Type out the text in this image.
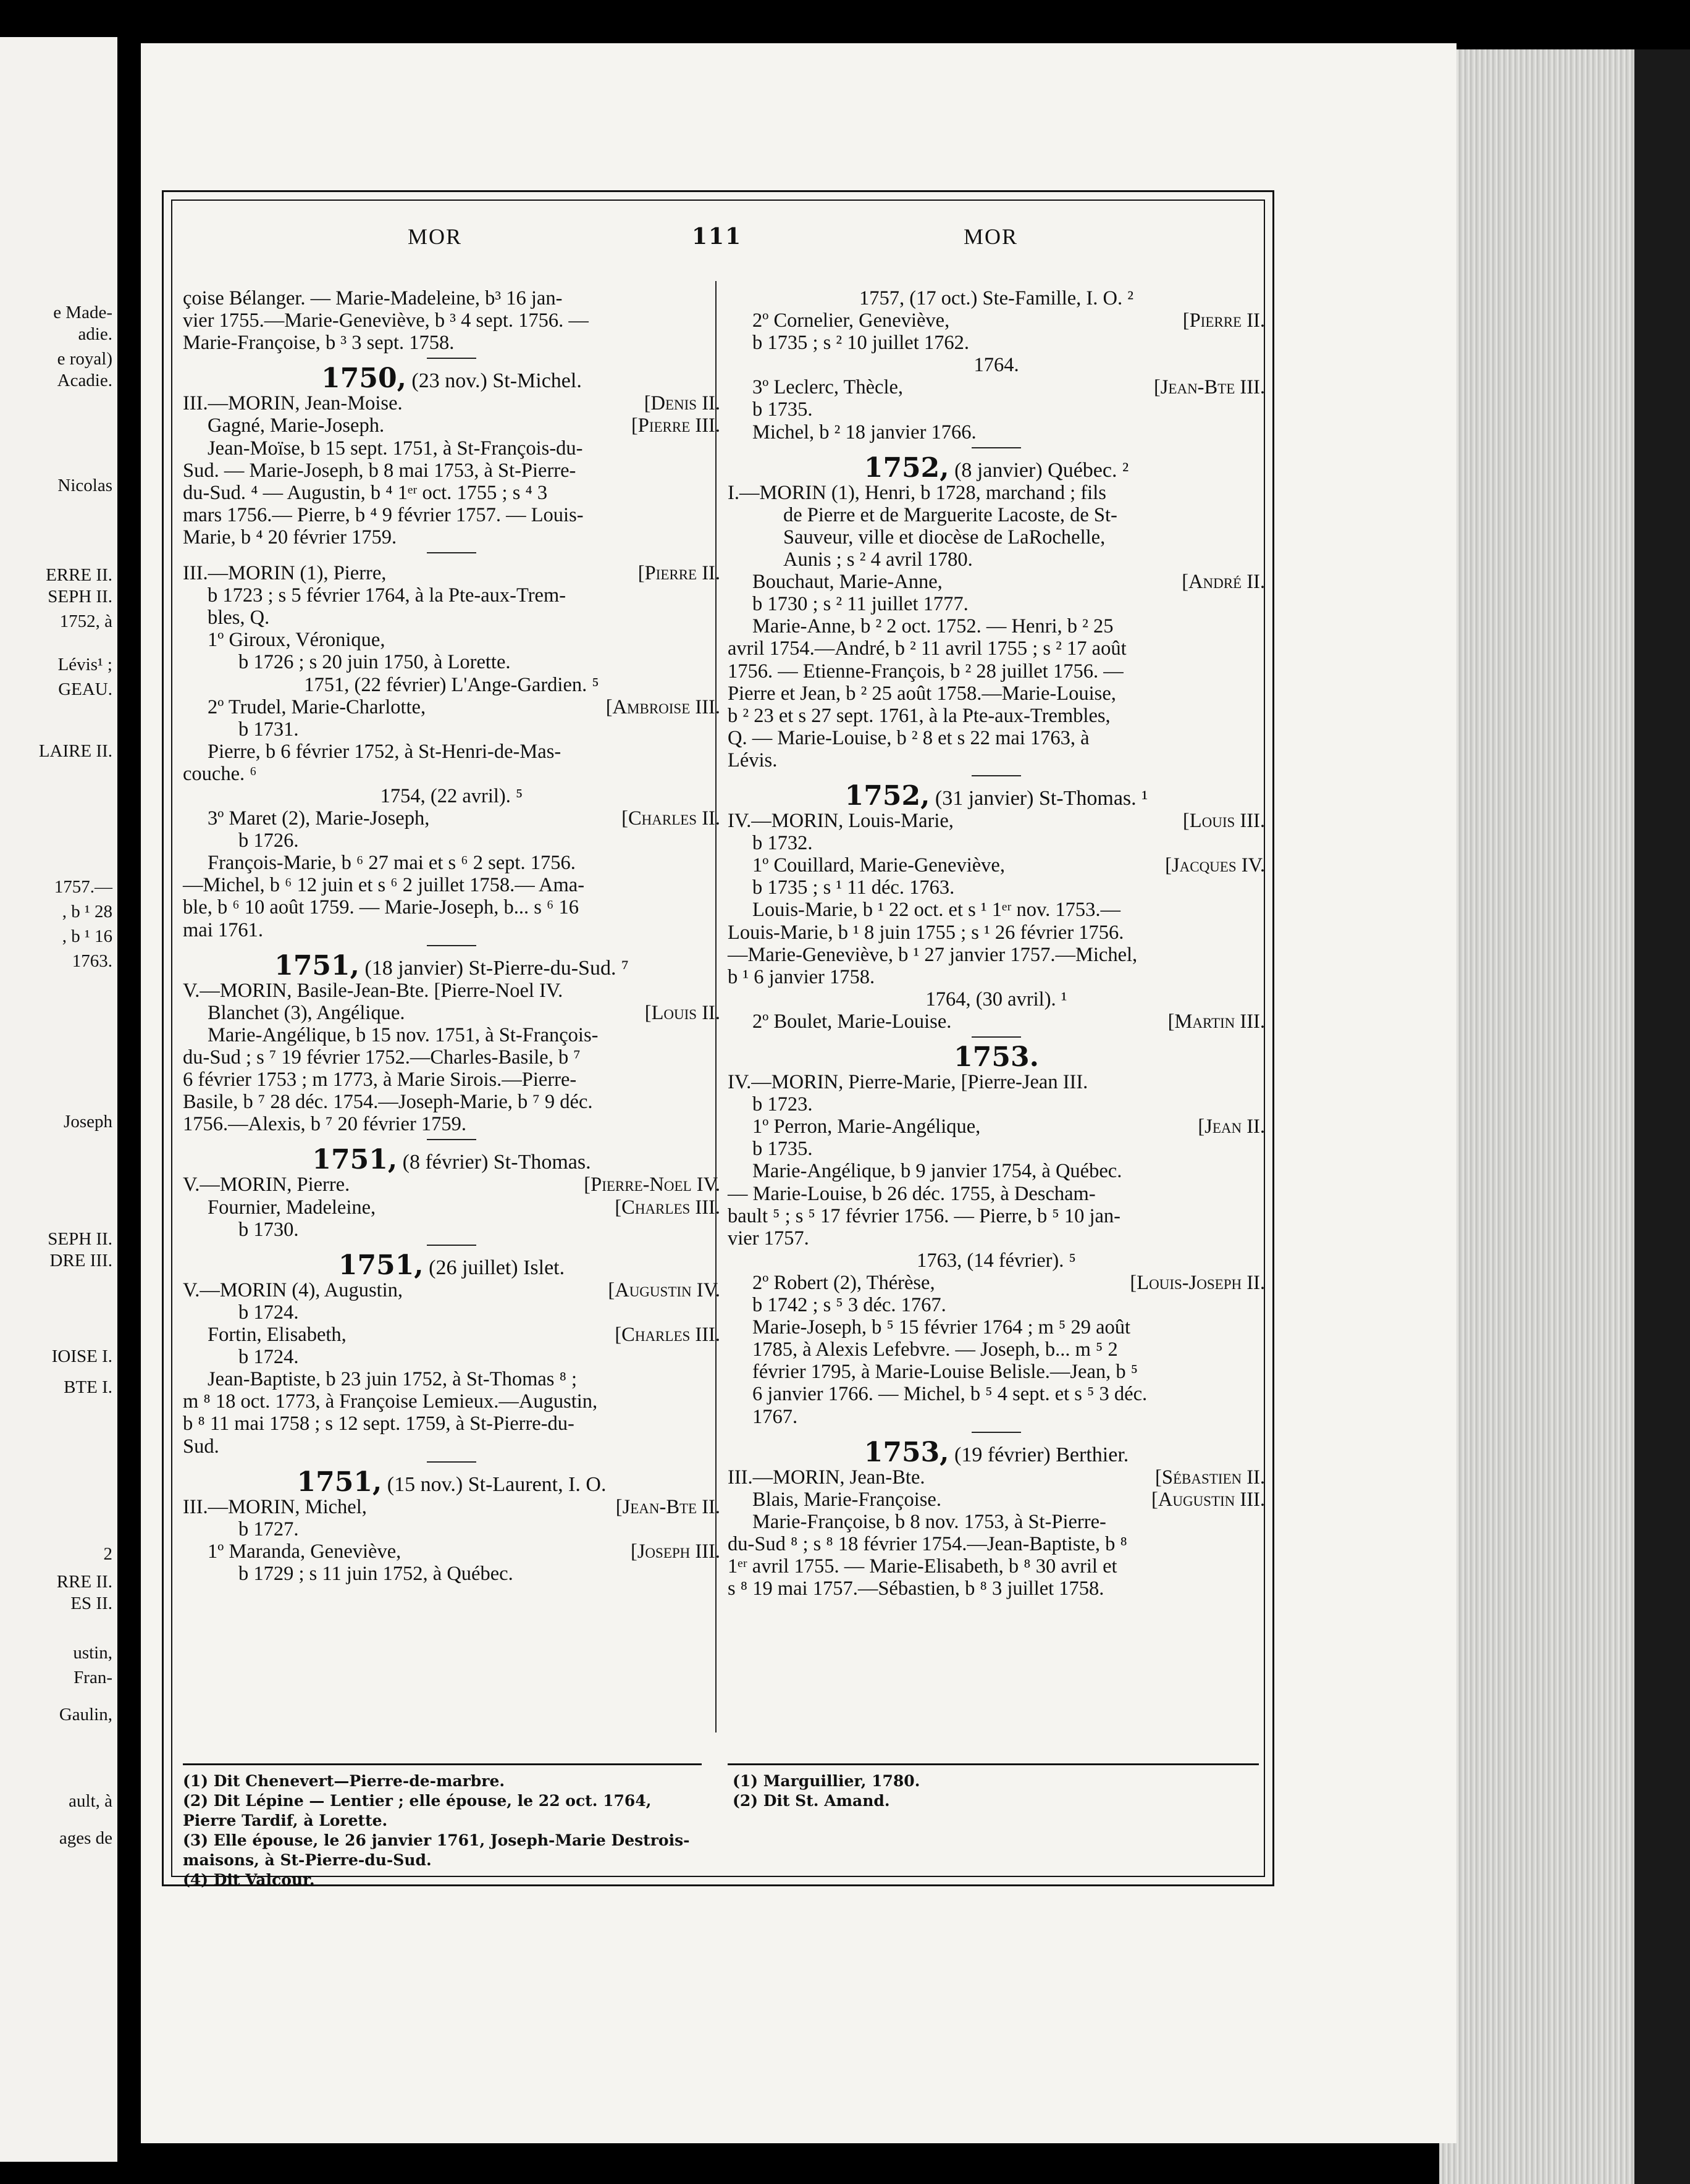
e Made-
adie.
e royal)
Acadie.
Nicolas
ERRE II.
SEPH II.
1752, à
Lévis¹ ;
GEAU.
LAIRE II.
1757.—
, b ¹ 28
, b ¹ 16
1763.
Joseph
SEPH II.
DRE III.
IOISE I.
BTE I.
2
RRE II.
ES II.
ustin,
Fran-
Gaulin,
ault, à
ages de
MOR	111	MOR

çoise Bélanger. — Marie-Madeleine, b³ 16 jan-

vier 1755.—Marie-Geneviève, b ³ 4 sept. 1756. —

Marie-Françoise, b ³ 3 sept. 1758.

1750, (23 nov.) St-Michel.

[Denis II.
III.—MORIN, Jean-Moise.

[Pierre III.
Gagné, Marie-Joseph.

Jean-Moïse, b 15 sept. 1751, à St-François-du-

Sud. — Marie-Joseph, b 8 mai 1753, à St-Pierre-

du-Sud. ⁴ — Augustin, b ⁴ 1ᵉʳ oct. 1755 ; s ⁴ 3

mars 1756.— Pierre, b ⁴ 9 février 1757. — Louis-

Marie, b ⁴ 20 février 1759.

[Pierre II.
III.—MORIN (1), Pierre,

b 1723 ; s 5 février 1764, à la Pte-aux-Trem-

bles, Q.

1º Giroux, Véronique,

b 1726 ; s 20 juin 1750, à Lorette.

1751, (22 février) L'Ange-Gardien. ⁵

[Ambroise III.
2º Trudel, Marie-Charlotte,

b 1731.

Pierre, b 6 février 1752, à St-Henri-de-Mas-

couche. ⁶

1754, (22 avril). ⁵

[Charles II.
3º Maret (2), Marie-Joseph,

b 1726.

François-Marie, b ⁶ 27 mai et s ⁶ 2 sept. 1756.

—Michel, b ⁶ 12 juin et s ⁶ 2 juillet 1758.— Ama-

ble, b ⁶ 10 août 1759. — Marie-Joseph, b... s ⁶ 16

mai 1761.

1751, (18 janvier) St-Pierre-du-Sud. ⁷

V.—MORIN, Basile-Jean-Bte. [Pierre-Noel IV.

[Louis II.
Blanchet (3), Angélique.

Marie-Angélique, b 15 nov. 1751, à St-François-

du-Sud ; s ⁷ 19 février 1752.—Charles-Basile, b ⁷

6 février 1753 ; m 1773, à Marie Sirois.—Pierre-

Basile, b ⁷ 28 déc. 1754.—Joseph-Marie, b ⁷ 9 déc.

1756.—Alexis, b ⁷ 20 février 1759.

1751, (8 février) St-Thomas.

[Pierre-Noel IV.
V.—MORIN, Pierre.

[Charles III.
Fournier, Madeleine,

b 1730.

1751, (26 juillet) Islet.

[Augustin IV.
V.—MORIN (4), Augustin,

b 1724.

[Charles III.
Fortin, Elisabeth,

b 1724.

Jean-Baptiste, b 23 juin 1752, à St-Thomas ⁸ ;

m ⁸ 18 oct. 1773, à Françoise Lemieux.—Augustin,

b ⁸ 11 mai 1758 ; s 12 sept. 1759, à St-Pierre-du-

Sud.

1751, (15 nov.) St-Laurent, I. O.

[Jean-Bte II.
III.—MORIN, Michel,

b 1727.

[Joseph III.
1º Maranda, Geneviève,

b 1729 ; s 11 juin 1752, à Québec.

1757, (17 oct.) Ste-Famille, I. O. ²

[Pierre II.
2º Cornelier, Geneviève,

b 1735 ; s ² 10 juillet 1762.

1764.

[Jean-Bte III.
3º Leclerc, Thècle,

b 1735.

Michel, b ² 18 janvier 1766.

1752, (8 janvier) Québec. ²

I.—MORIN (1), Henri, b 1728, marchand ; fils

de Pierre et de Marguerite Lacoste, de St-

Sauveur, ville et diocèse de LaRochelle,

Aunis ; s ² 4 avril 1780.

[André II.
Bouchaut, Marie-Anne,

b 1730 ; s ² 11 juillet 1777.

Marie-Anne, b ² 2 oct. 1752. — Henri, b ² 25

avril 1754.—André, b ² 11 avril 1755 ; s ² 17 août

1756. — Etienne-François, b ² 28 juillet 1756. —

Pierre et Jean, b ² 25 août 1758.—Marie-Louise,

b ² 23 et s 27 sept. 1761, à la Pte-aux-Trembles,

Q. — Marie-Louise, b ² 8 et s 22 mai 1763, à

Lévis.

1752, (31 janvier) St-Thomas. ¹

[Louis III.
IV.—MORIN, Louis-Marie,

b 1732.

[Jacques IV.
1º Couillard, Marie-Geneviève,

b 1735 ; s ¹ 11 déc. 1763.

Louis-Marie, b ¹ 22 oct. et s ¹ 1ᵉʳ nov. 1753.—

Louis-Marie, b ¹ 8 juin 1755 ; s ¹ 26 février 1756.

—Marie-Geneviève, b ¹ 27 janvier 1757.—Michel,

b ¹ 6 janvier 1758.

1764, (30 avril). ¹

[Martin III.
2º Boulet, Marie-Louise.

1753.

IV.—MORIN, Pierre-Marie, [Pierre-Jean III.

b 1723.

[Jean II.
1º Perron, Marie-Angélique,

b 1735.

Marie-Angélique, b 9 janvier 1754, à Québec.

— Marie-Louise, b 26 déc. 1755, à Descham-

bault ⁵ ; s ⁵ 17 février 1756. — Pierre, b ⁵ 10 jan-

vier 1757.

1763, (14 février). ⁵

[Louis-Joseph II.
2º Robert (2), Thérèse,

b 1742 ; s ⁵ 3 déc. 1767.

Marie-Joseph, b ⁵ 15 février 1764 ; m ⁵ 29 août

1785, à Alexis Lefebvre. — Joseph, b... m ⁵ 2

février 1795, à Marie-Louise Belisle.—Jean, b ⁵

6 janvier 1766. — Michel, b ⁵ 4 sept. et s ⁵ 3 déc.

1767.

1753, (19 février) Berthier.

[Sébastien II.
III.—MORIN, Jean-Bte.

[Augustin III.
Blais, Marie-Françoise.

Marie-Françoise, b 8 nov. 1753, à St-Pierre-

du-Sud ⁸ ; s ⁸ 18 février 1754.—Jean-Baptiste, b ⁸

1ᵉʳ avril 1755. — Marie-Elisabeth, b ⁸ 30 avril et

s ⁸ 19 mai 1757.—Sébastien, b ⁸ 3 juillet 1758.

(1) Dit Chenevert—Pierre-de-marbre.

(2) Dit Lépine — Lentier ; elle épouse, le 22 oct. 1764,

Pierre Tardif, à Lorette.

(3) Elle épouse, le 26 janvier 1761, Joseph-Marie Destrois-

maisons, à St-Pierre-du-Sud.

(4) Dit Valcour.

(1) Marguillier, 1780.

(2) Dit St. Amand.
